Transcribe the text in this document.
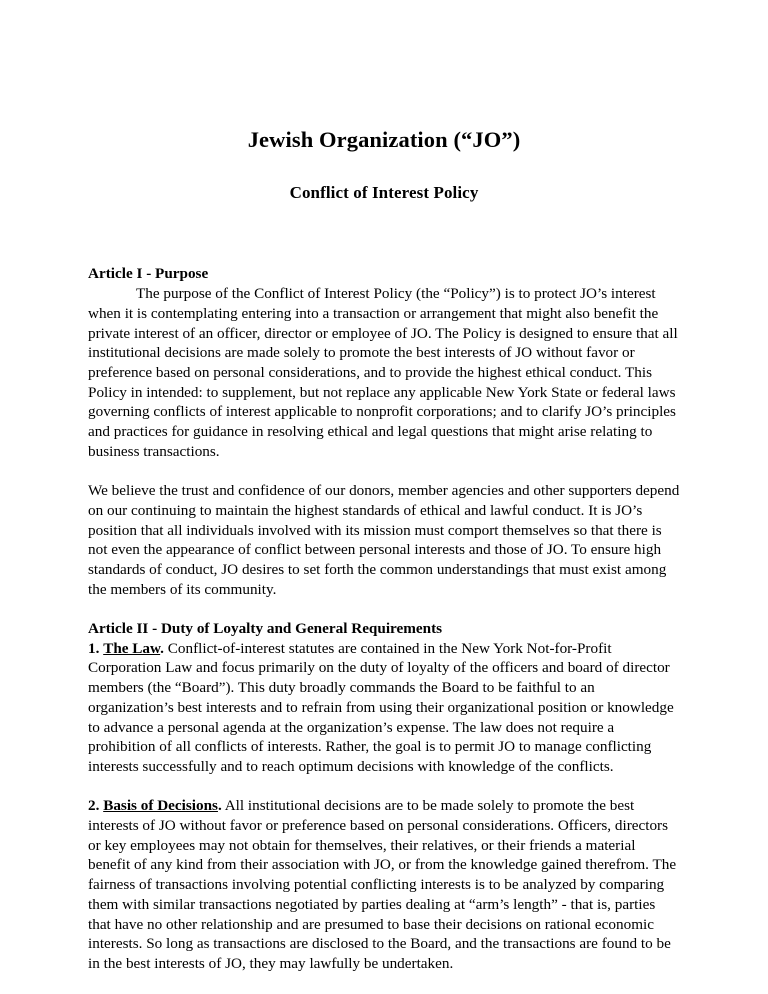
Jewish Organization (“JO”)
Conflict of Interest Policy
Article I - Purpose

The purpose of the Conflict of Interest Policy (the “Policy”) is to protect JO’s interest when it is contemplating entering into a transaction or arrangement that might also benefit the private interest of an officer, director or employee of JO. The Policy is designed to ensure that all institutional decisions are made solely to promote the best interests of JO without favor or preference based on personal considerations, and to provide the highest ethical conduct. This Policy in intended: to supplement, but not replace any applicable New York State or federal laws governing conflicts of interest applicable to nonprofit corporations; and to clarify JO’s principles and practices for guidance in resolving ethical and legal questions that might arise relating to business transactions.

We believe the trust and confidence of our donors, member agencies and other supporters depend on our continuing to maintain the highest standards of ethical and lawful conduct. It is JO’s position that all individuals involved with its mission must comport themselves so that there is not even the appearance of conflict between personal interests and those of JO. To ensure high standards of conduct, JO desires to set forth the common understandings that must exist among the members of its community.

Article II - Duty of Loyalty and General Requirements

1. The Law. Conflict-of-interest statutes are contained in the New York Not-for-Profit Corporation Law and focus primarily on the duty of loyalty of the officers and board of director members (the “Board”). This duty broadly commands the Board to be faithful to an organization’s best interests and to refrain from using their organizational position or knowledge to advance a personal agenda at the organization’s expense. The law does not require a prohibition of all conflicts of interests. Rather, the goal is to permit JO to manage conflicting interests successfully and to reach optimum decisions with knowledge of the conflicts.

2. Basis of Decisions. All institutional decisions are to be made solely to promote the best interests of JO without favor or preference based on personal considerations. Officers, directors or key employees may not obtain for themselves, their relatives, or their friends a material benefit of any kind from their association with JO, or from the knowledge gained therefrom. The fairness of transactions involving potential conflicting interests is to be analyzed by comparing them with similar transactions negotiated by parties dealing at “arm’s length” - that is, parties that have no other relationship and are presumed to base their decisions on rational economic interests. So long as transactions are disclosed to the Board, and the transactions are found to be in the best interests of JO, they may lawfully be undertaken.
